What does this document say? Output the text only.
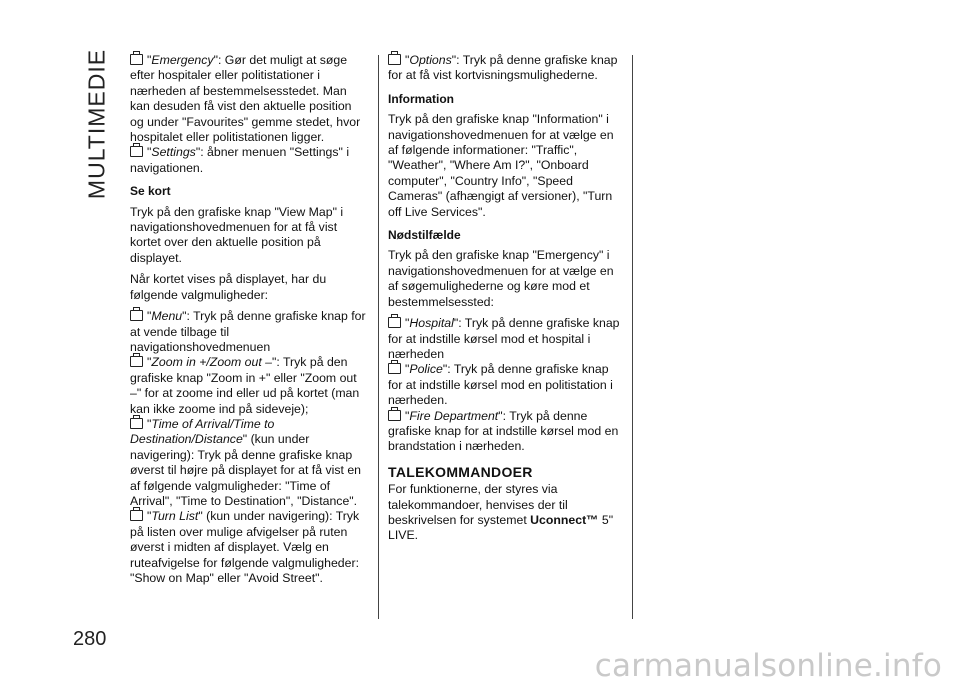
MULTIMEDIE
280
"Emergency": Gør det muligt at søge efter hospitaler eller politistationer i nærheden af bestemmelsesstedet. Man kan desuden få vist den aktuelle position og under "Favourites" gemme stedet, hvor hospitalet eller politistationen ligger.
"Settings": åbner menuen "Settings" i navigationen.
Se kort

Tryk på den grafiske knap "View Map" i navigationshovedmenuen for at få vist kortet over den aktuelle position på displayet.

Når kortet vises på displayet, har du følgende valgmuligheder:

"Menu": Tryk på denne grafiske knap for at vende tilbage til navigationshovedmenuen
"Zoom in +/Zoom out –": Tryk på den grafiske knap "Zoom in +" eller "Zoom out –" for at zoome ind eller ud på kortet (man kan ikke zoome ind på sideveje);
"Time of Arrival/Time to Destination/Distance" (kun under navigering): Tryk på denne grafiske knap øverst til højre på displayet for at få vist en af følgende valgmuligheder: "Time of Arrival", "Time to Destination", "Distance".
"Turn List" (kun under navigering): Tryk på listen over mulige afvigelser på ruten øverst i midten af displayet. Vælg en ruteafvigelse for følgende valgmuligheder: "Show on Map" eller "Avoid Street".
"Options": Tryk på denne grafiske knap for at få vist kortvisningsmulighederne.
Information

Tryk på den grafiske knap "Information" i navigationshovedmenuen for at vælge en af følgende informationer: "Traffic", "Weather", "Where Am I?", "Onboard computer", "Country Info", "Speed Cameras" (afhængigt af versioner), "Turn off Live Services".

Nødstilfælde

Tryk på den grafiske knap "Emergency" i navigationshovedmenuen for at vælge en af søgemulighederne og køre mod et bestemmelsessted:

"Hospital": Tryk på denne grafiske knap for at indstille kørsel mod et hospital i nærheden
"Police": Tryk på denne grafiske knap for at indstille kørsel mod en politistation i nærheden.
"Fire Department": Tryk på denne grafiske knap for at indstille kørsel mod en brandstation i nærheden.
TALEKOMMANDOER

For funktionerne, der styres via talekommandoer, henvises der til beskrivelsen for systemet Uconnect™ 5" LIVE.

carmanualsonline.info
